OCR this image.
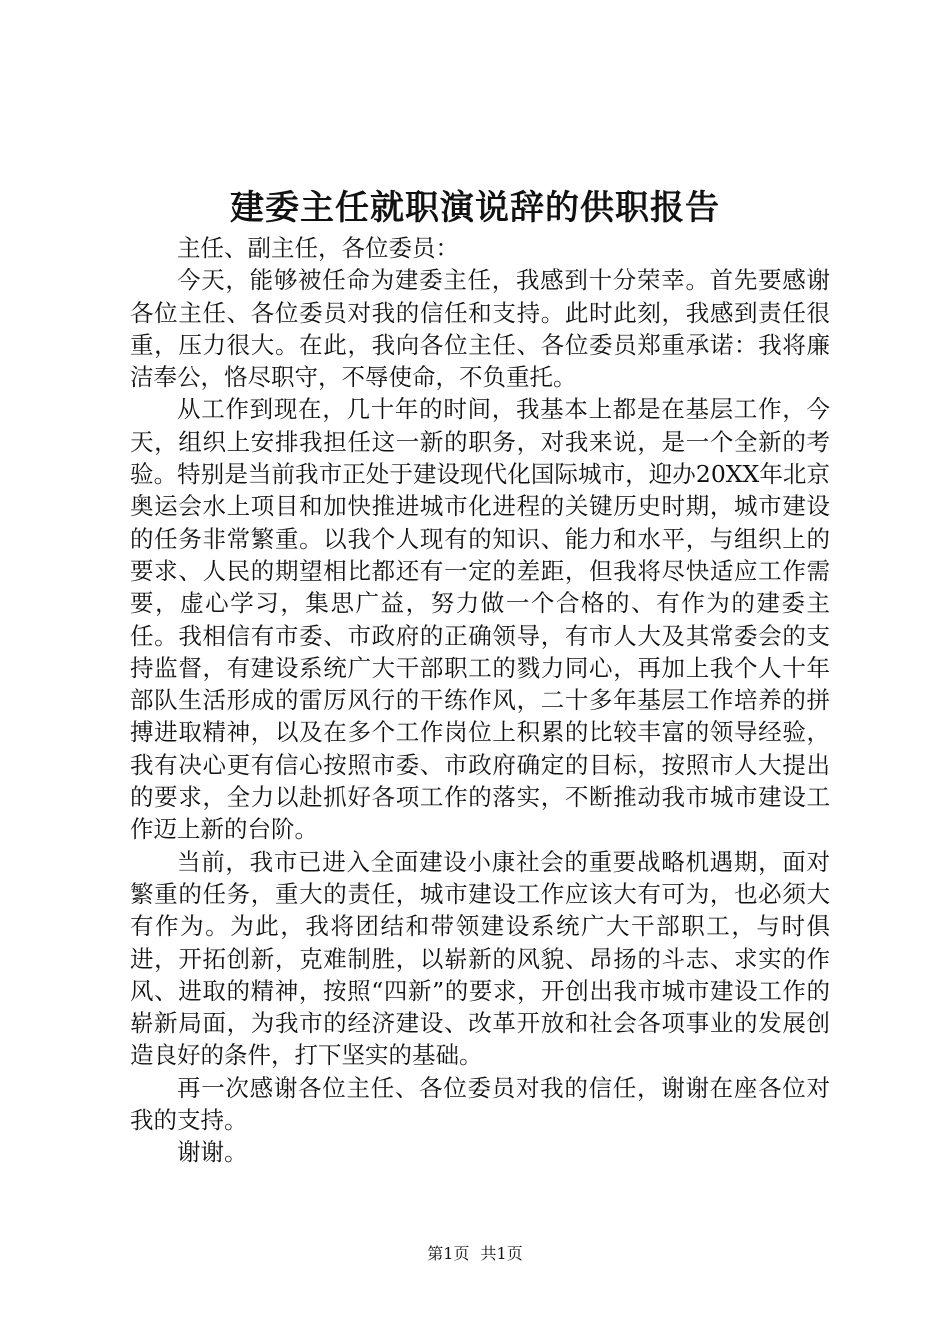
建委主任就职演说辞的供职报告

主任、副主任，各位委员：

今天，能够被任命为建委主任，我感到十分荣幸。首先要感谢各位主任、各位委员对我的信任和支持。此时此刻，我感到责任很重，压力很大。在此，我向各位主任、各位委员郑重承诺：我将廉洁奉公，恪尽职守，不辱使命，不负重托。

从工作到现在，几十年的时间，我基本上都是在基层工作，今天，组织上安排我担任这一新的职务，对我来说，是一个全新的考验。特别是当前我市正处于建设现代化国际城市，迎办20XX年北京奥运会水上项目和加快推进城市化进程的关键历史时期，城市建设的任务非常繁重。以我个人现有的知识、能力和水平，与组织上的要求、人民的期望相比都还有一定的差距，但我将尽快适应工作需要，虚心学习，集思广益，努力做一个合格的、有作为的建委主任。我相信有市委、市政府的正确领导，有市人大及其常委会的支持监督，有建设系统广大干部职工的戮力同心，再加上我个人十年部队生活形成的雷厉风行的干练作风，二十多年基层工作培养的拼搏进取精神，以及在多个工作岗位上积累的比较丰富的领导经验，我有决心更有信心按照市委、市政府确定的目标，按照市人大提出的要求，全力以赴抓好各项工作的落实，不断推动我市城市建设工作迈上新的台阶。

当前，我市已进入全面建设小康社会的重要战略机遇期，面对繁重的任务，重大的责任，城市建设工作应该大有可为，也必须大有作为。为此，我将团结和带领建设系统广大干部职工，与时俱进，开拓创新，克难制胜，以崭新的风貌、昂扬的斗志、求实的作风、进取的精神，按照“四新”的要求，开创出我市城市建设工作的崭新局面，为我市的经济建设、改革开放和社会各项事业的发展创造良好的条件，打下坚实的基础。

再一次感谢各位主任、各位委员对我的信任，谢谢在座各位对我的支持。

谢谢。

第1页 共1页
